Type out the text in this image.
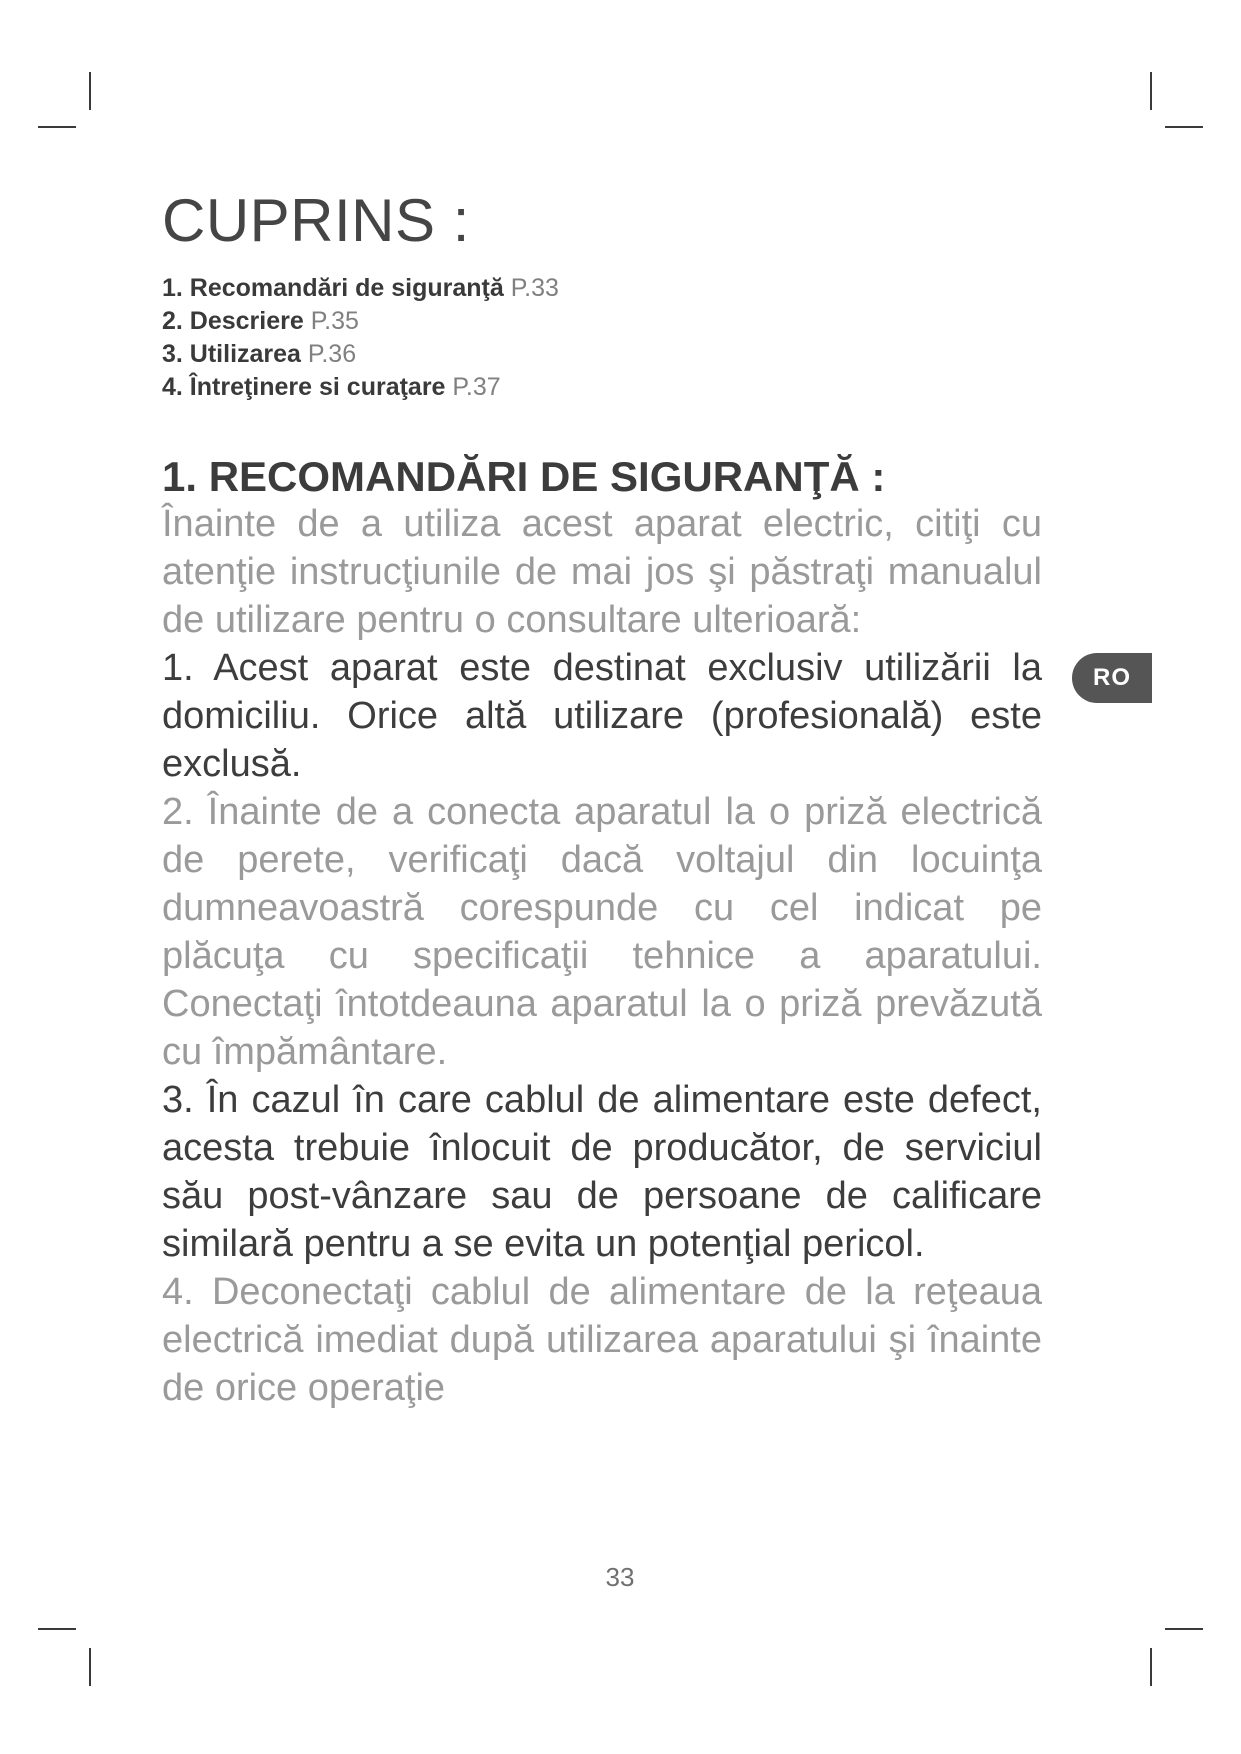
CUPRINS :
1. Recomandări de siguranţă P.33
2. Descriere P.35
3. Utilizarea P.36
4. Întreţinere si curaţare P.37
1. RECOMANDĂRI DE SIGURANŢĂ :

Înainte de a utiliza acest aparat electric, citiţi cu atenţie instrucţiunile de mai jos şi păstraţi manualul de utilizare pentru o consultare ulterioară:

1. Acest aparat este destinat exclusiv utilizării la domiciliu. Orice altă utilizare (profesională) este exclusă.

2. Înainte de a conecta aparatul la o priză electrică de perete, verificaţi dacă voltajul din locuinţa dumneavoastră corespunde cu cel indicat pe plăcuţa cu specificaţii tehnice a aparatului. Conectaţi întotdeauna aparatul la o priză prevăzută cu împământare.

3. În cazul în care cablul de alimentare este defect, acesta trebuie înlocuit de producător, de serviciul său post-vânzare sau de persoane de calificare similară pentru a se evita un potenţial pericol.

4. Deconectaţi cablul de alimentare de la reţeaua electrică imediat după utilizarea aparatului şi înainte de orice operaţie

RO
33
